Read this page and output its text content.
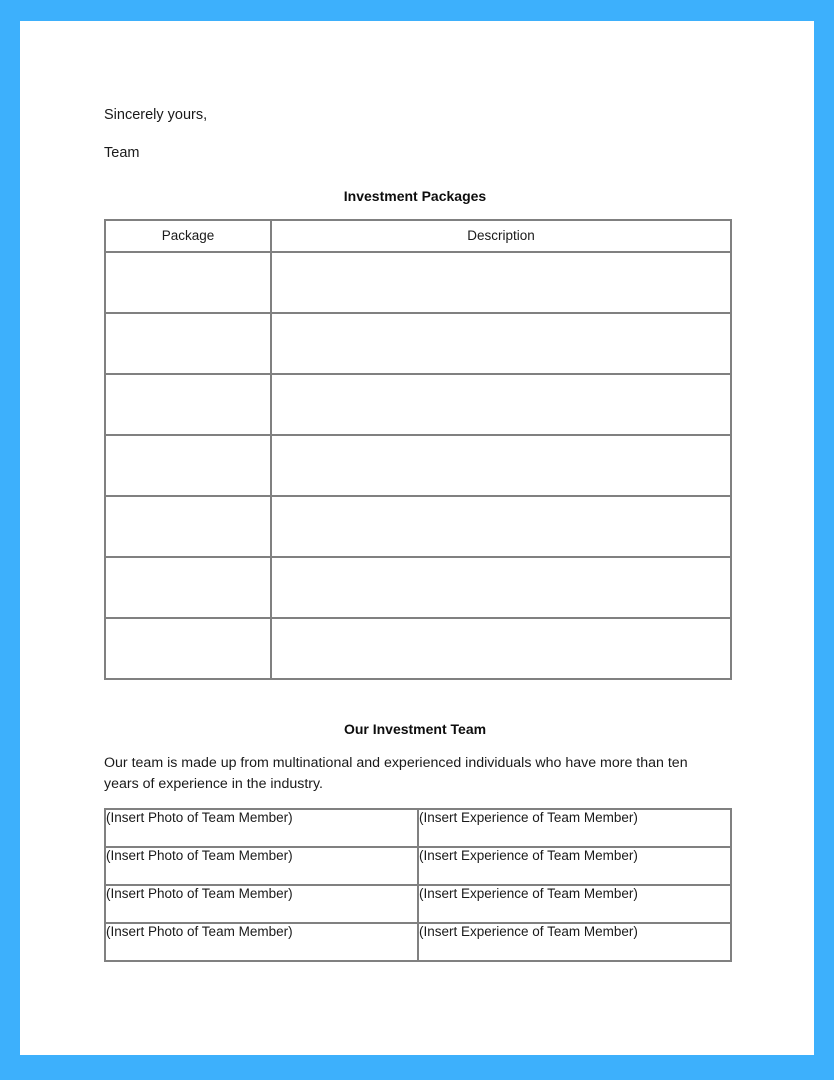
Sincerely yours,

Team

Investment Packages
Package	Description

Our Investment Team

Our team is made up from multinational and experienced individuals who have more than ten years of experience in the industry.

(Insert Photo of Team Member)	(Insert Experience of Team Member)
(Insert Photo of Team Member)	(Insert Experience of Team Member)
(Insert Photo of Team Member)	(Insert Experience of Team Member)
(Insert Photo of Team Member)	(Insert Experience of Team Member)
